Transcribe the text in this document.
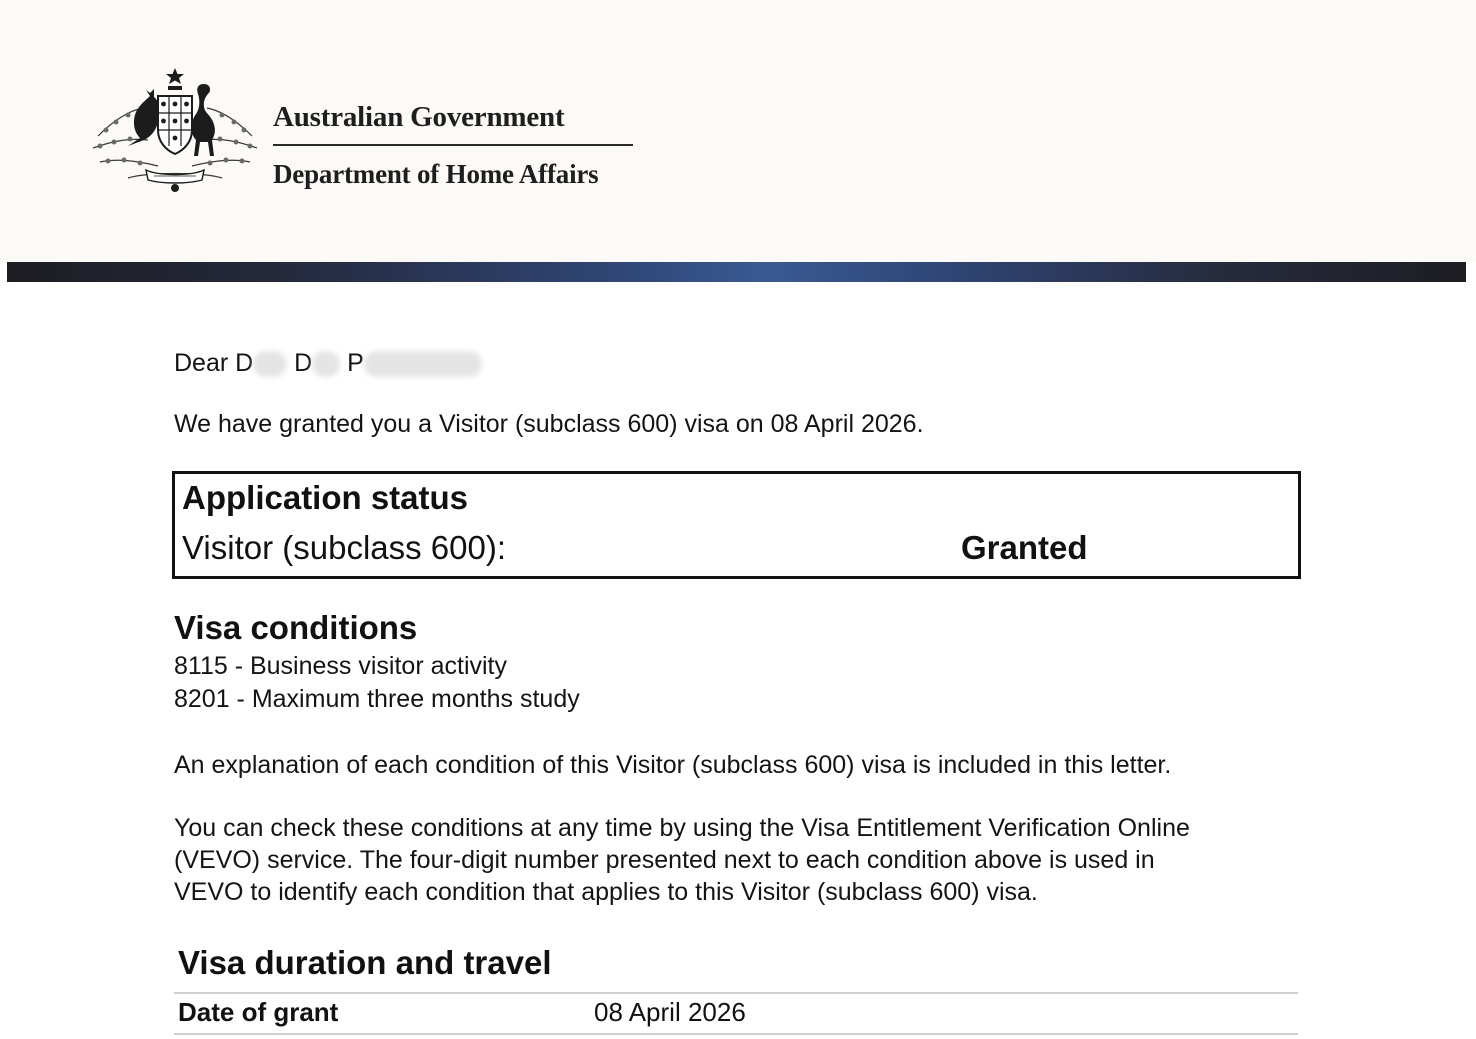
Australian Government
Department of Home Affairs
Dear D D P
We have granted you a Visitor (subclass 600) visa on 08 April 2026.
Application status
Visitor (subclass 600):	Granted
Visa conditions
8115 - Business visitor activity
8201 - Maximum three months study
An explanation of each condition of this Visitor (subclass 600) visa is included in this letter.
You can check these conditions at any time by using the Visa Entitlement Verification Online
(VEVO) service. The four-digit number presented next to each condition above is used in
VEVO to identify each condition that applies to this Visitor (subclass 600) visa.
Visa duration and travel
Date of grant	08 April 2026
